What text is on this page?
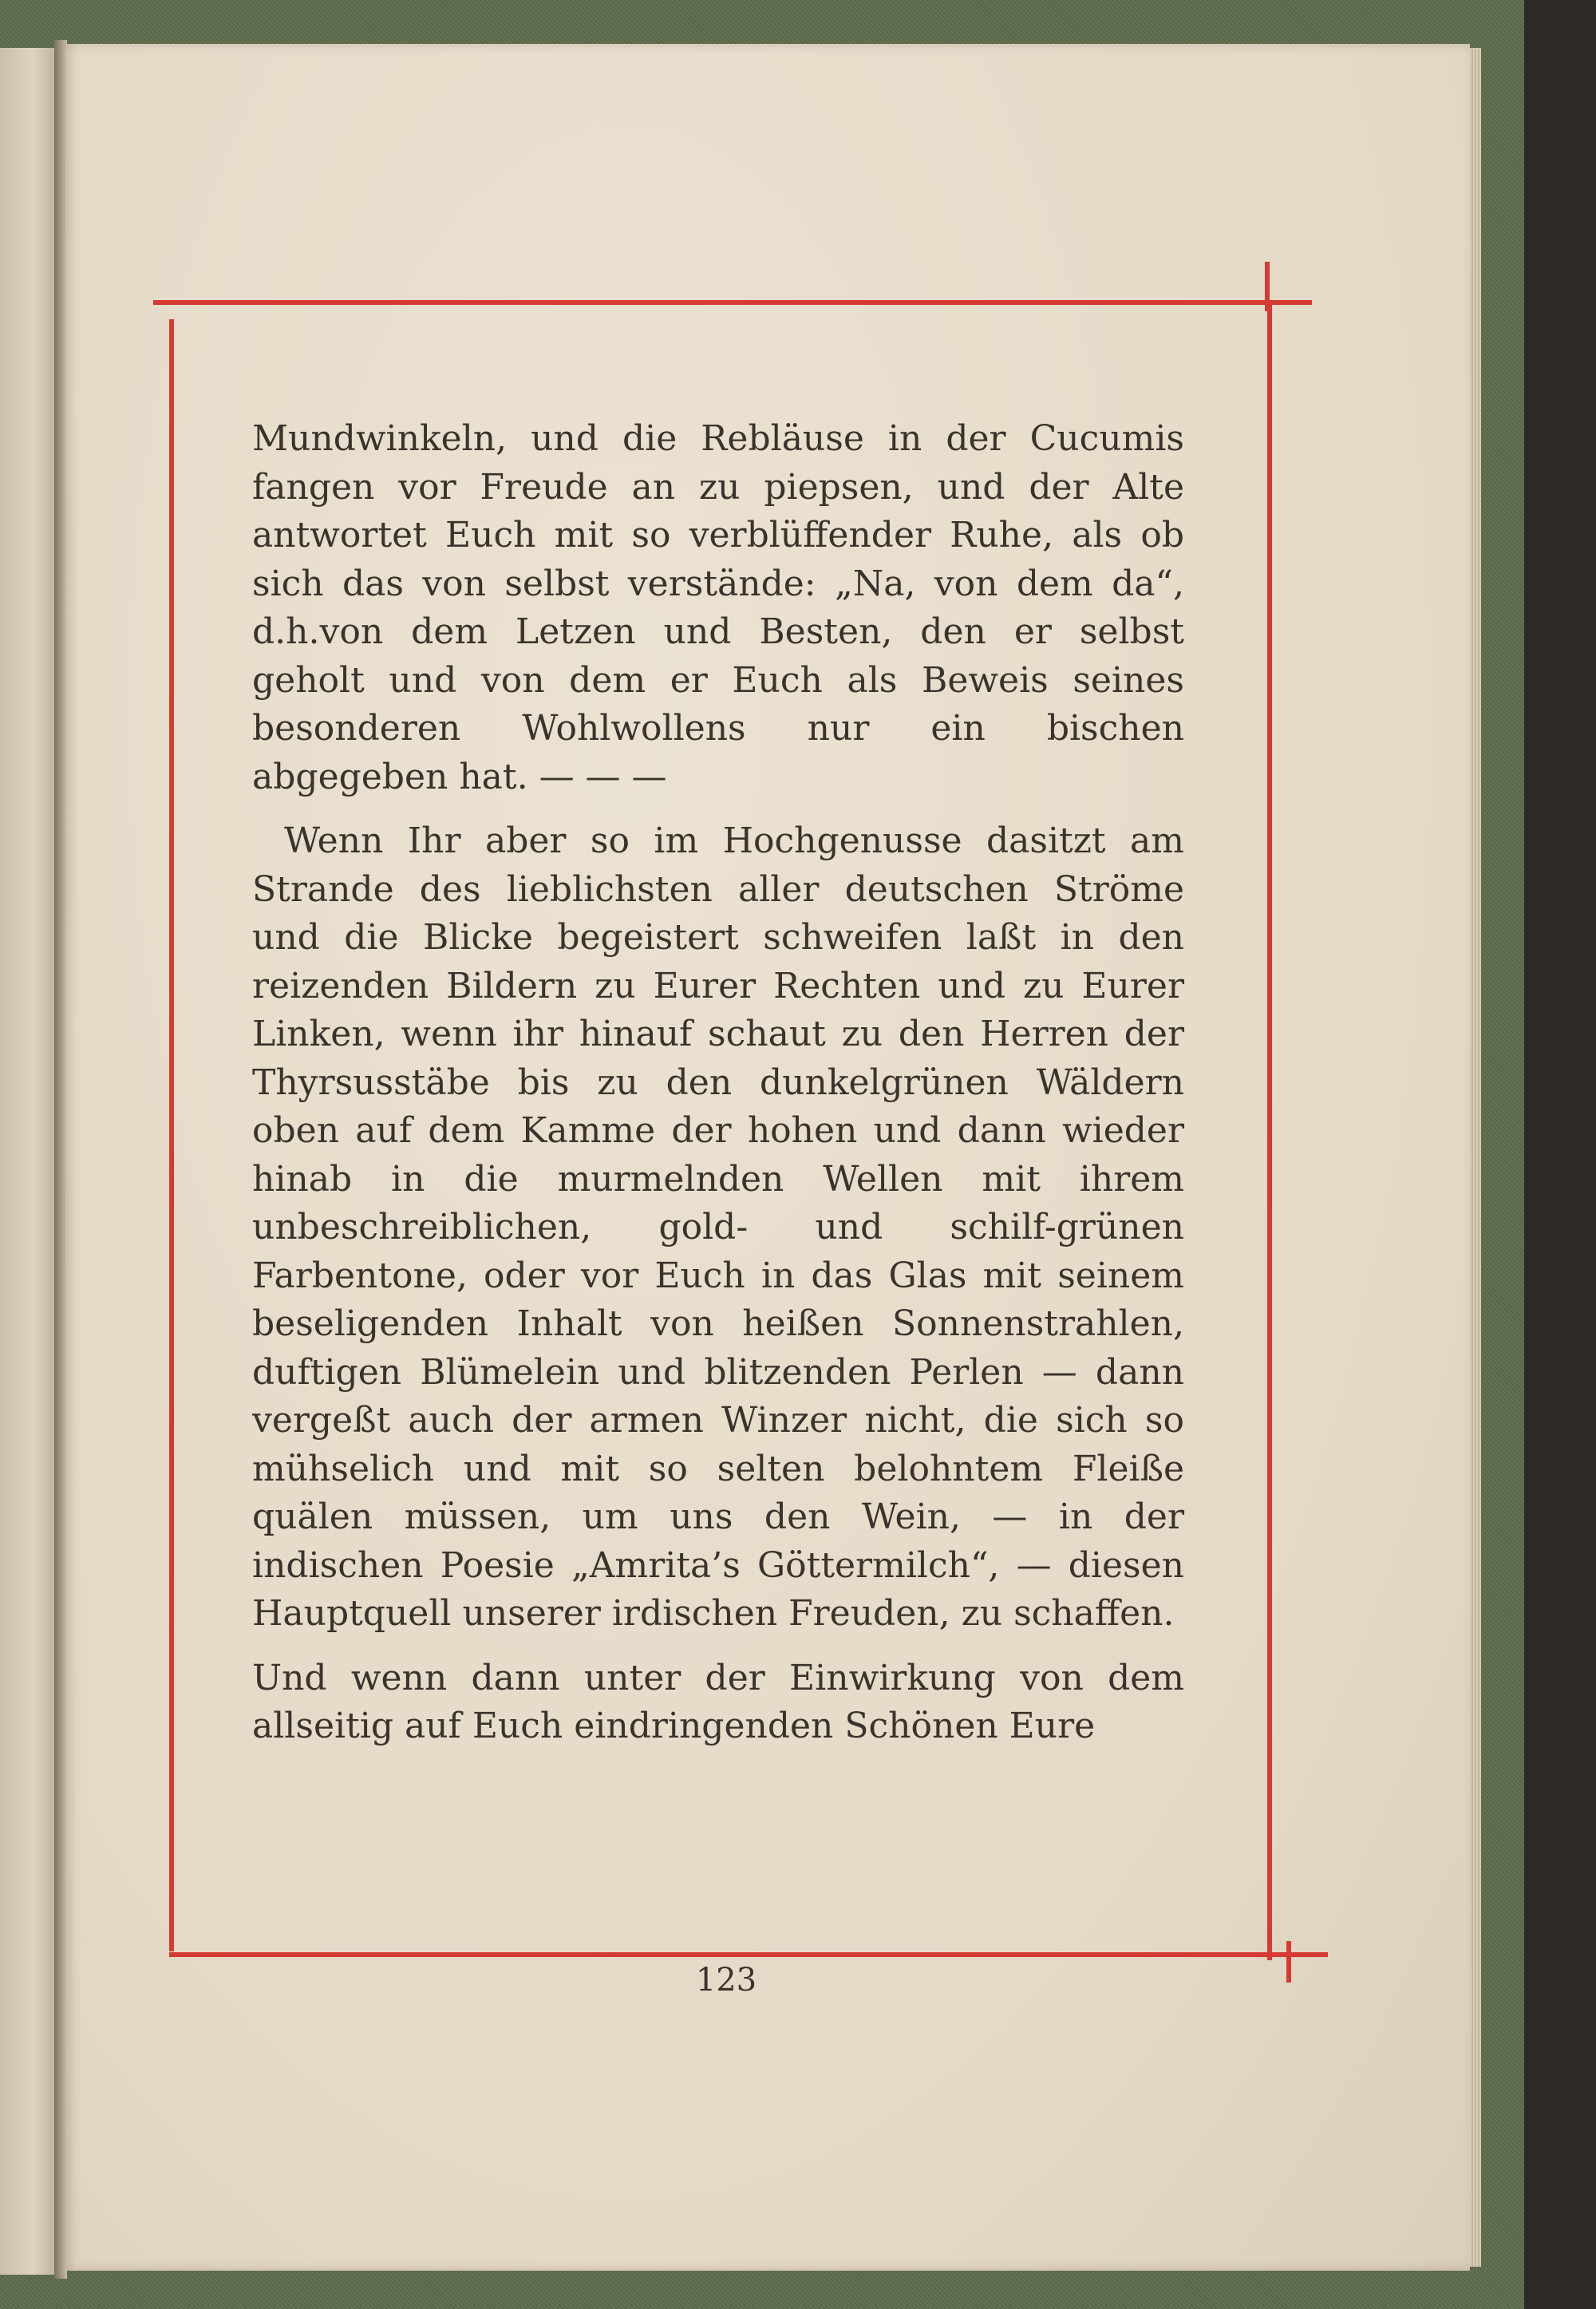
Mundwinkeln, und die Rebläuse in der Cucumis fangen vor Freude an zu piepsen, und der Alte antwortet Euch mit so verblüffender Ruhe, als ob sich das von selbst verstände: „Na, von dem da“, d.h.von dem Letzen und Besten, den er selbst geholt und von dem er Euch als Beweis seines besonderen Wohlwollens nur ein bischen abgegeben hat. — — —

Wenn Ihr aber so im Hochgenusse dasitzt am Strande des lieblichsten aller deutschen Ströme und die Blicke begeistert schweifen laßt in den reizenden Bildern zu Eurer Rechten und zu Eurer Linken, wenn ihr hinauf schaut zu den Herren der Thyrsusstäbe bis zu den dunkelgrünen Wäldern oben auf dem Kamme der hohen und dann wieder hinab in die murmelnden Wellen mit ihrem unbeschreiblichen, gold- und schilf-grünen Farbentone, oder vor Euch in das Glas mit seinem beseligenden Inhalt von heißen Sonnenstrahlen, duftigen Blümelein und blitzenden Perlen — dann vergeßt auch der armen Winzer nicht, die sich so mühselich und mit so selten belohntem Fleiße quälen müssen, um uns den Wein, — in der indischen Poesie „Amrita’s Göttermilch“, — diesen Hauptquell unserer irdischen Freuden, zu schaffen.

Und wenn dann unter der Einwirkung von dem allseitig auf Euch eindringenden Schönen Eure

123
